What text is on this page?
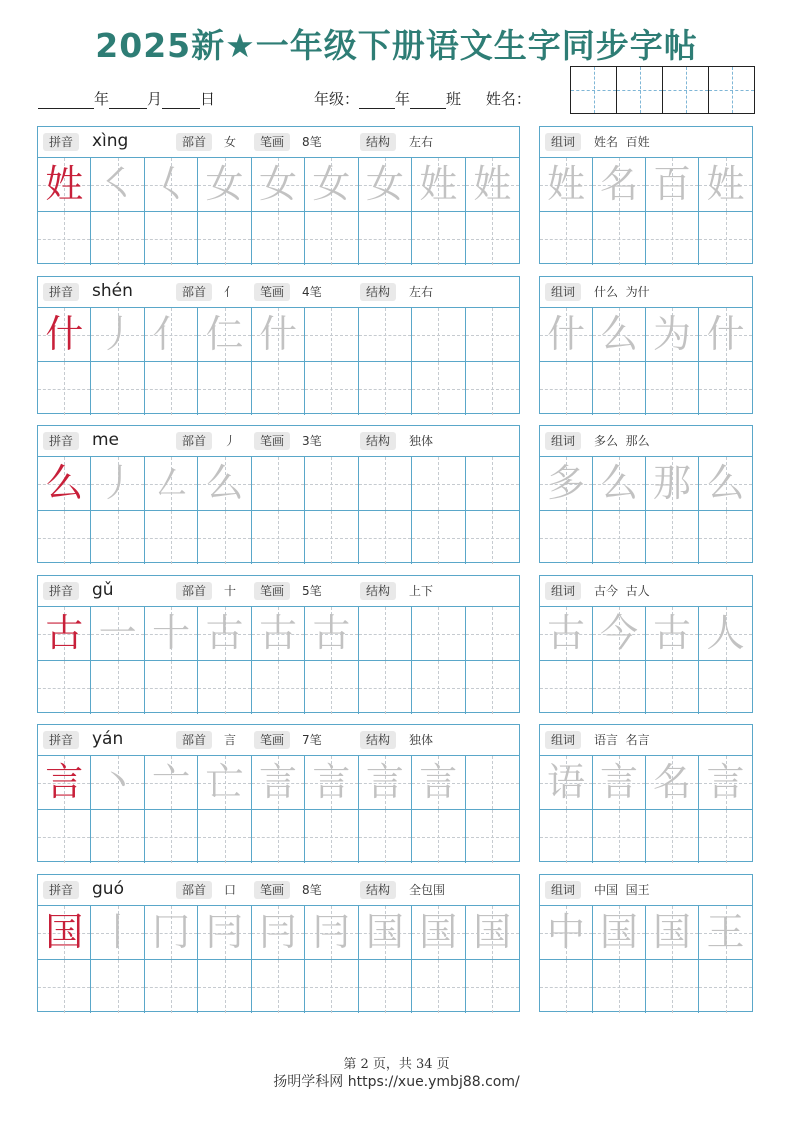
2025新★一年级下册语文生字同步字帖
年	月	日	年级： 年 班 姓名：
拼音	xìng	部首	女	笔画	8笔	结构	左右
姓 ㇛ 𡿨 女 女 女 女 姓 姓
组词	姓名  百姓
姓 名 百 姓
拼音	shén	部首	亻	笔画	4笔	结构	左右
什 丿 亻 仁 什
组词	什么  为什
什 么 为 什
拼音	me	部首	丿	笔画	3笔	结构	独体
么 丿 ㇜ 么
组词	多么  那么
多 么 那 么
拼音	gǔ	部首	十	笔画	5笔	结构	上下
古 一 十 古 古 古
组词	古今  古人
古 今 古 人
拼音	yán	部首	言	笔画	7笔	结构	独体
言 丶 亠 亡 言 言 言 言
组词	语言  名言
语 言 名 言
拼音	guó	部首	口	笔画	8笔	结构	全包围
国 丨 冂 冃 冃 冃 国 国 国
组词	中国  国王
中 国 国 王
第 2 页，共 34 页
扬明学科网 https://xue.ymbj88.com/
